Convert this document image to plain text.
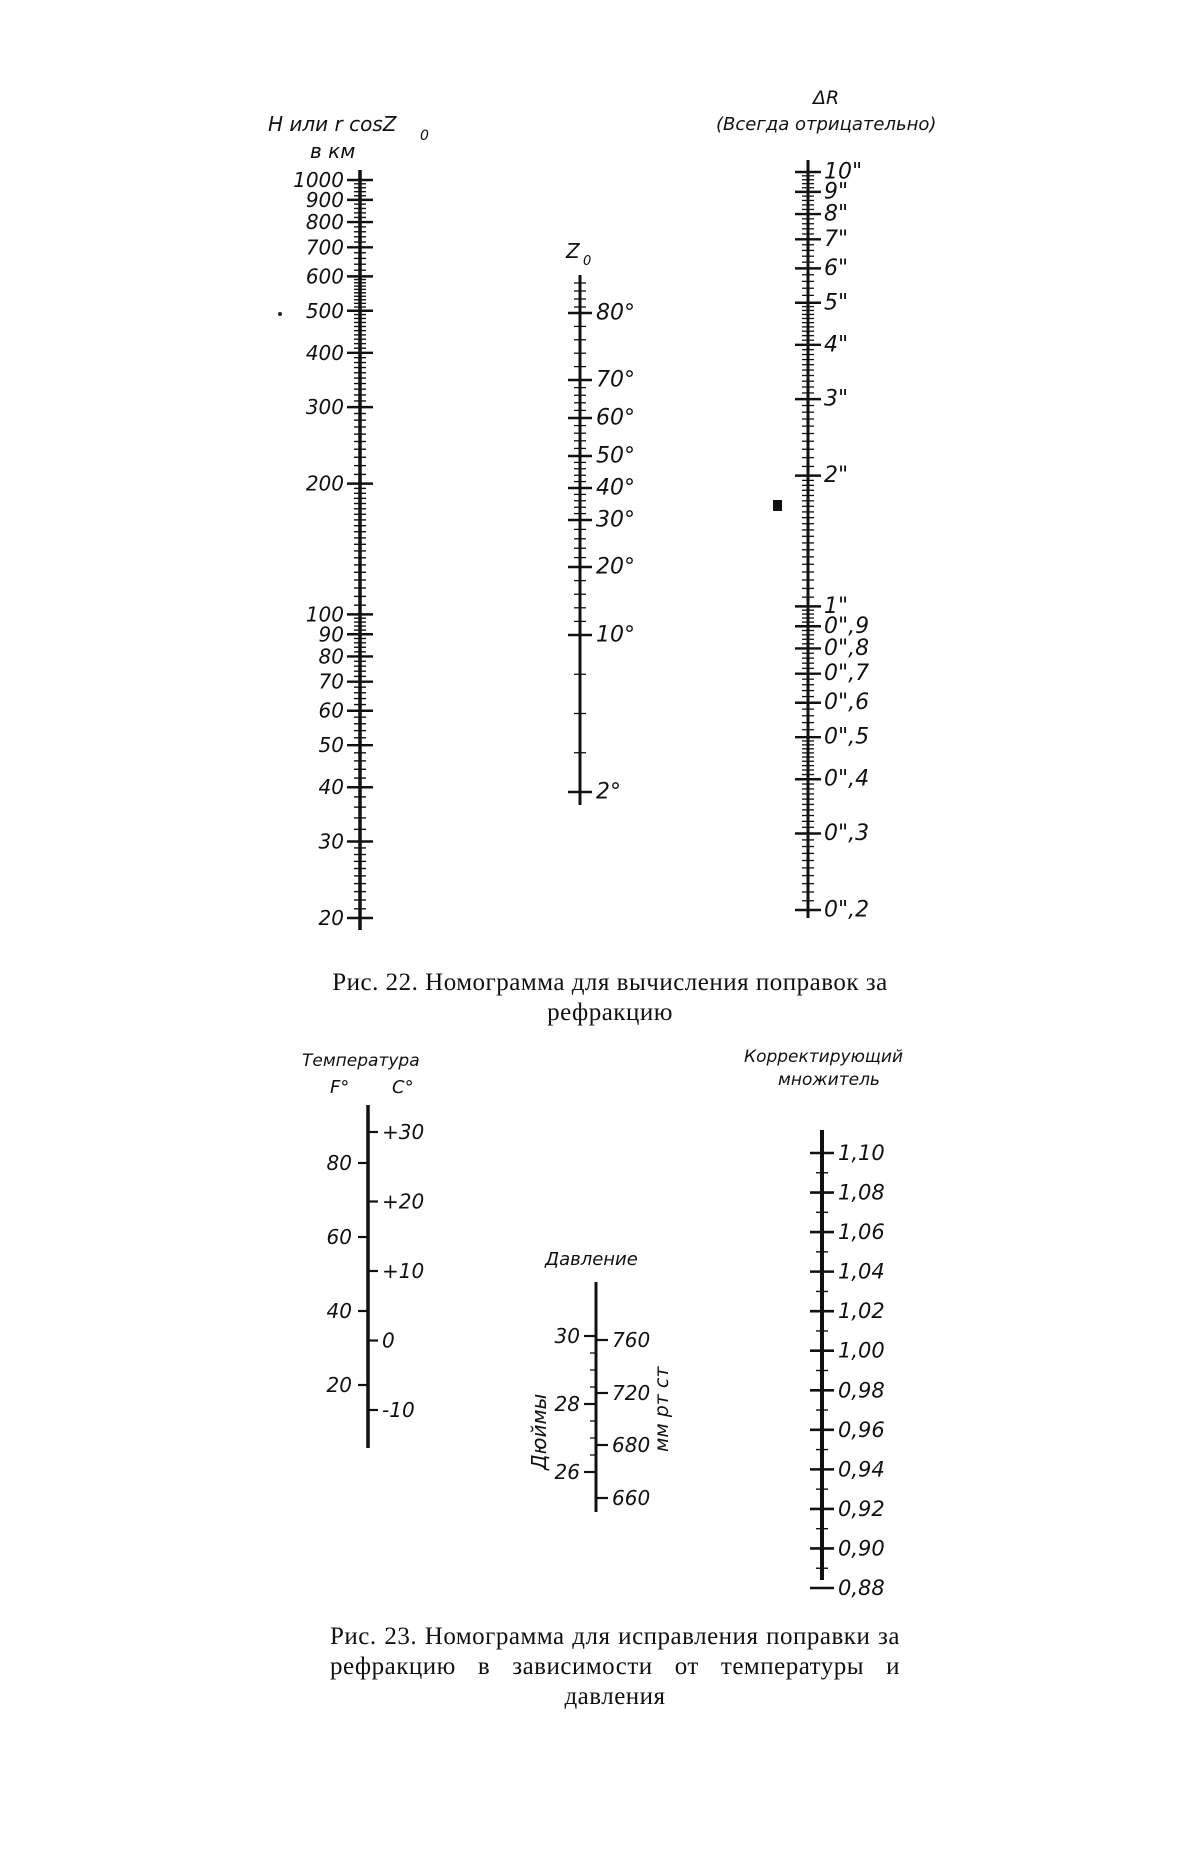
H или r cosZ 0
в км
1000
900
800
700
600
500
400
300
200
100
90
80
70
60
50
40
30
20
Z 0
80°
70°
60°
50°
40°
30°
20°
10°
2°
ΔR
(Всегда отрицательно)
10"
9"
8"
7"
6"
5"
4"
3"
2"
1"
0",9
0",8
0",7
0",6
0",5
0",4
0",3
0",2
Температура
F° C°
80
60
40
20
+30
+20
+10
0
-10
Давление
30
28
26
760
720
680
660
Дюймы	мм рт ст
Корректирующий
множитель
1,10
1,08
1,06
1,04
1,02
1,00
0,98
0,96
0,94
0,92
0,90
0,88
Рис. 22. Номограмма для вычисления поправок за рефракцию
Рис. 23. Номограмма для исправления поправки за рефракцию в зависимости от температуры и давления
